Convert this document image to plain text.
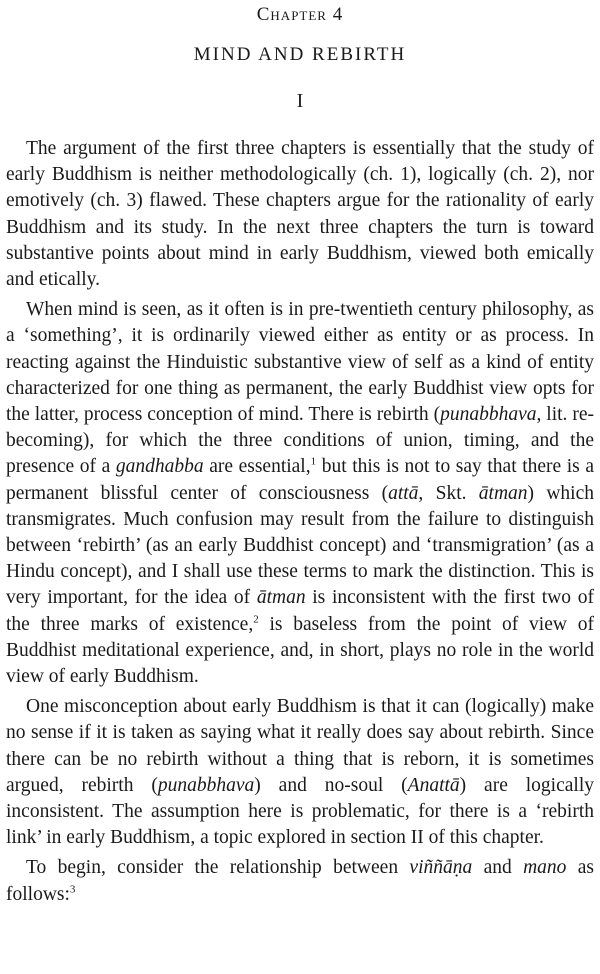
Chapter 4
MIND AND REBIRTH
I

The argument of the first three chapters is essentially that the study of early Buddhism is neither methodologically (ch. 1), logically (ch. 2), nor emotively (ch. 3) flawed. These chapters argue for the rationality of early Buddhism and its study. In the next three chapters the turn is toward substantive points about mind in early Buddhism, viewed both emically and etically.

When mind is seen, as it often is in pre-twentieth century philosophy, as a ‘something’, it is ordinarily viewed either as entity or as process. In reacting against the Hinduistic substantive view of self as a kind of entity characterized for one thing as permanent, the early Buddhist view opts for the latter, process conception of mind. There is rebirth (punabbhava, lit. re-becoming), for which the three conditions of union, timing, and the presence of a gandhabba are essential,$^1$ but this is not to say that there is a permanent blissful center of consciousness (attā, Skt. ātman) which transmigrates. Much confusion may result from the failure to distinguish between ‘rebirth’ (as an early Buddhist concept) and ‘transmigration’ (as a Hindu concept), and I shall use these terms to mark the distinction. This is very important, for the idea of ātman is inconsistent with the first two of the three marks of existence,$^2$ is baseless from the point of view of Buddhist meditational experience, and, in short, plays no role in the world view of early Buddhism.

One misconception about early Buddhism is that it can (logically) make no sense if it is taken as saying what it really does say about rebirth. Since there can be no rebirth without a thing that is reborn, it is sometimes argued, rebirth (punabbhava) and no-soul (Anattā) are logically inconsistent. The assumption here is problematic, for there is a ‘rebirth link’ in early Buddhism, a topic explored in section II of this chapter.

To begin, consider the relationship between viññāṇa and mano as follows:$^3$
